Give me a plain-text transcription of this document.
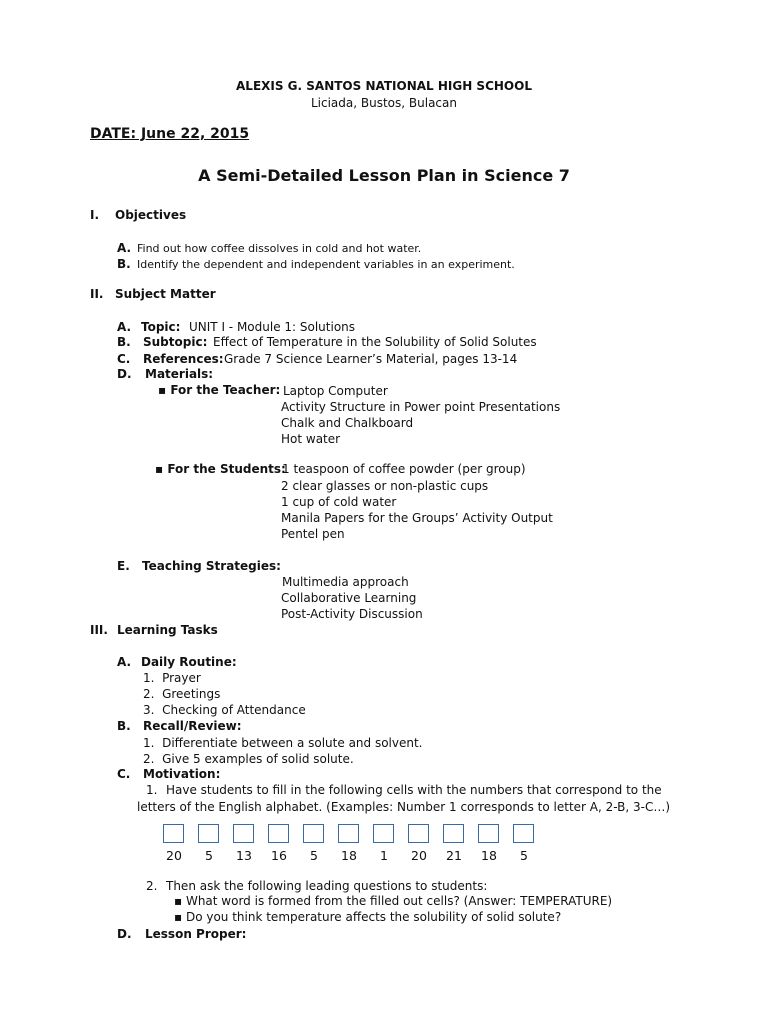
ALEXIS G. SANTOS NATIONAL HIGH SCHOOL
Liciada, Bustos, Bulacan
DATE: June 22, 2015
A Semi-Detailed Lesson Plan in Science 7
I. Objectives
A. Find out how coffee dissolves in cold and hot water.
B. Identify the dependent and independent variables in an experiment.
II. Subject Matter
A. Topic: UNIT I - Module 1: Solutions
B. Subtopic: Effect of Temperature in the Solubility of Solid Solutes
C. References: Grade 7 Science Learner’s Material, pages 13-14
D. Materials:
▪ For the Teacher: Laptop Computer
Activity Structure in Power point Presentations
Chalk and Chalkboard
Hot water
▪ For the Students:
1 teaspoon of coffee powder (per group)
2 clear glasses or non-plastic cups
1 cup of cold water
Manila Papers for the Groups’ Activity Output
Pentel pen
E. Teaching Strategies:
Multimedia approach
Collaborative Learning
Post-Activity Discussion
III. Learning Tasks
A. Daily Routine:
1.  Prayer
2.  Greetings
3.  Checking of Attendance
B. Recall/Review:
1.  Differentiate between a solute and solvent.
2.  Give 5 examples of solid solute.
C. Motivation:
1. Have students to fill in the following cells with the numbers that correspond to the
letters of the English alphabet. (Examples: Number 1 corresponds to letter A, 2-B, 3-C…)
20	5	13	16	5	18	1	20	21	18	5
2. Then ask the following leading questions to students:
▪ What word is formed from the filled out cells? (Answer: TEMPERATURE)
▪ Do you think temperature affects the solubility of solid solute?
D. Lesson Proper:
